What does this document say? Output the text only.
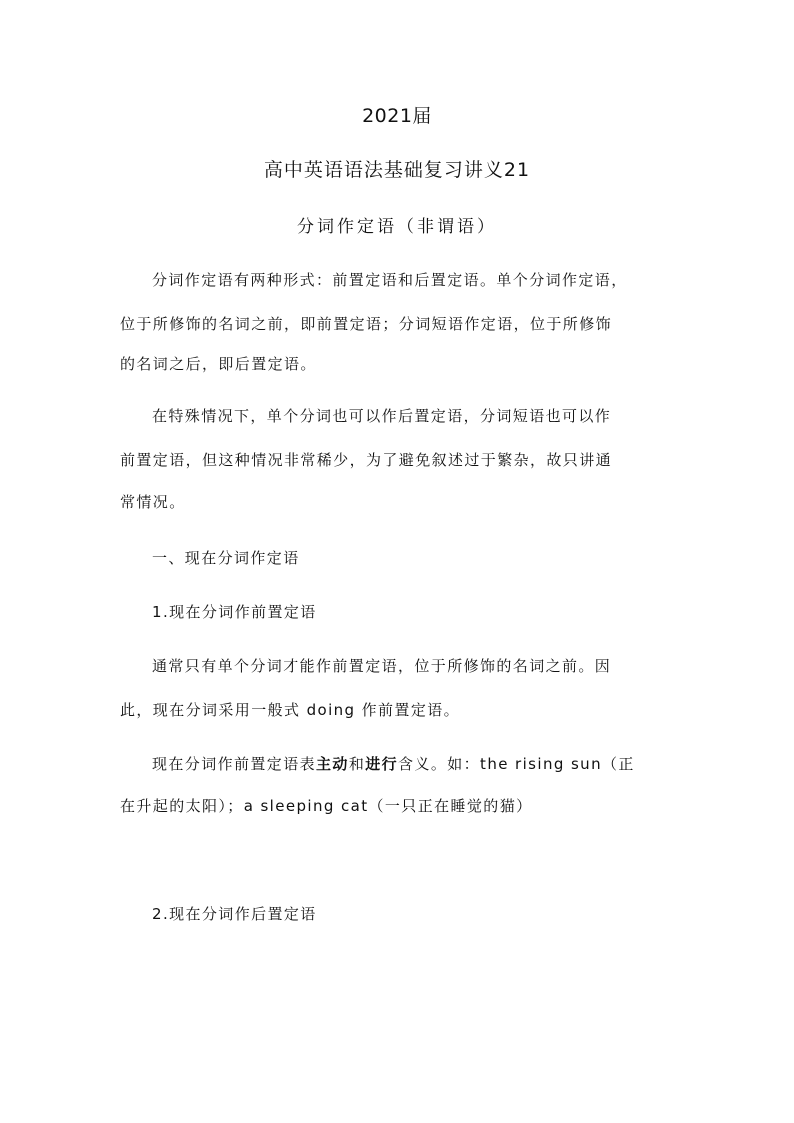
2021届
高中英语语法基础复习讲义21
分词作定语（非谓语）
分词作定语有两种形式：前置定语和后置定语。单个分词作定语，
位于所修饰的名词之前，即前置定语；分词短语作定语，位于所修饰
的名词之后，即后置定语。
在特殊情况下，单个分词也可以作后置定语，分词短语也可以作
前置定语，但这种情况非常稀少，为了避免叙述过于繁杂，故只讲通
常情况。
一、现在分词作定语
1.现在分词作前置定语
通常只有单个分词才能作前置定语，位于所修饰的名词之前。因
此，现在分词采用一般式 doing 作前置定语。
现在分词作前置定语表主动和进行含义。如：the rising sun（正
在升起的太阳）；a sleeping cat（一只正在睡觉的猫）
2.现在分词作后置定语
